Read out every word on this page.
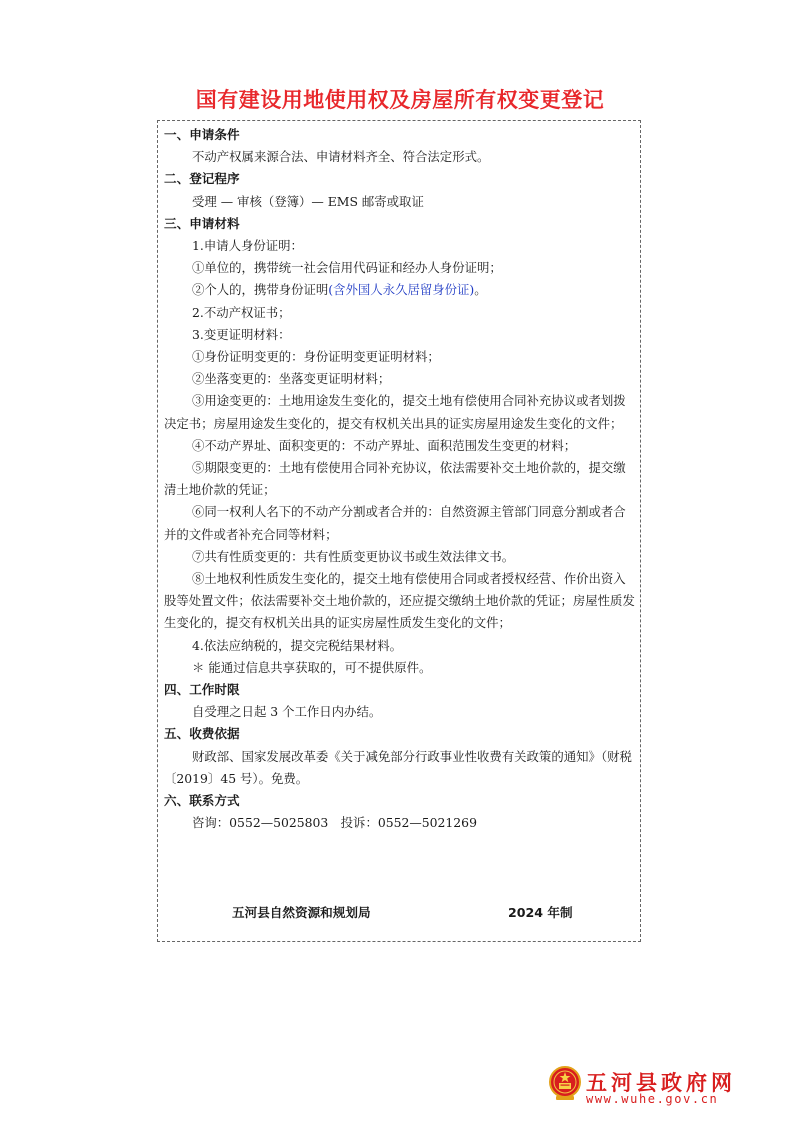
国有建设用地使用权及房屋所有权变更登记
一、申请条件

不动产权属来源合法、申请材料齐全、符合法定形式。

二、登记程序

受理 — 审核（登簿）— EMS 邮寄或取证

三、申请材料

1.申请人身份证明：

①单位的，携带统一社会信用代码证和经办人身份证明；

②个人的，携带身份证明(含外国人永久居留身份证)。

2.不动产权证书；

3.变更证明材料：

①身份证明变更的：身份证明变更证明材料；

②坐落变更的：坐落变更证明材料；

③用途变更的：土地用途发生变化的，提交土地有偿使用合同补充协议或者划拨决定书；房屋用途发生变化的，提交有权机关出具的证实房屋用途发生变化的文件；

④不动产界址、面积变更的：不动产界址、面积范围发生变更的材料；

⑤期限变更的：土地有偿使用合同补充协议，依法需要补交土地价款的，提交缴清土地价款的凭证；

⑥同一权利人名下的不动产分割或者合并的：自然资源主管部门同意分割或者合并的文件或者补充合同等材料；

⑦共有性质变更的：共有性质变更协议书或生效法律文书。

⑧土地权利性质发生变化的，提交土地有偿使用合同或者授权经营、作价出资入股等处置文件；依法需要补交土地价款的，还应提交缴纳土地价款的凭证；房屋性质发生变化的，提交有权机关出具的证实房屋性质发生变化的文件；

4.依法应纳税的，提交完税结果材料。

＊ 能通过信息共享获取的，可不提供原件。

四、工作时限

自受理之日起 3 个工作日内办结。

五、收费依据

财政部、国家发展改革委《关于减免部分行政事业性收费有关政策的通知》（财税〔2019〕45 号）。免费。

六、联系方式

咨询：0552—5025803　投诉：0552—5021269

五河县自然资源和规划局	2024 年制
五河县政府网
www.wuhe.gov.cn
